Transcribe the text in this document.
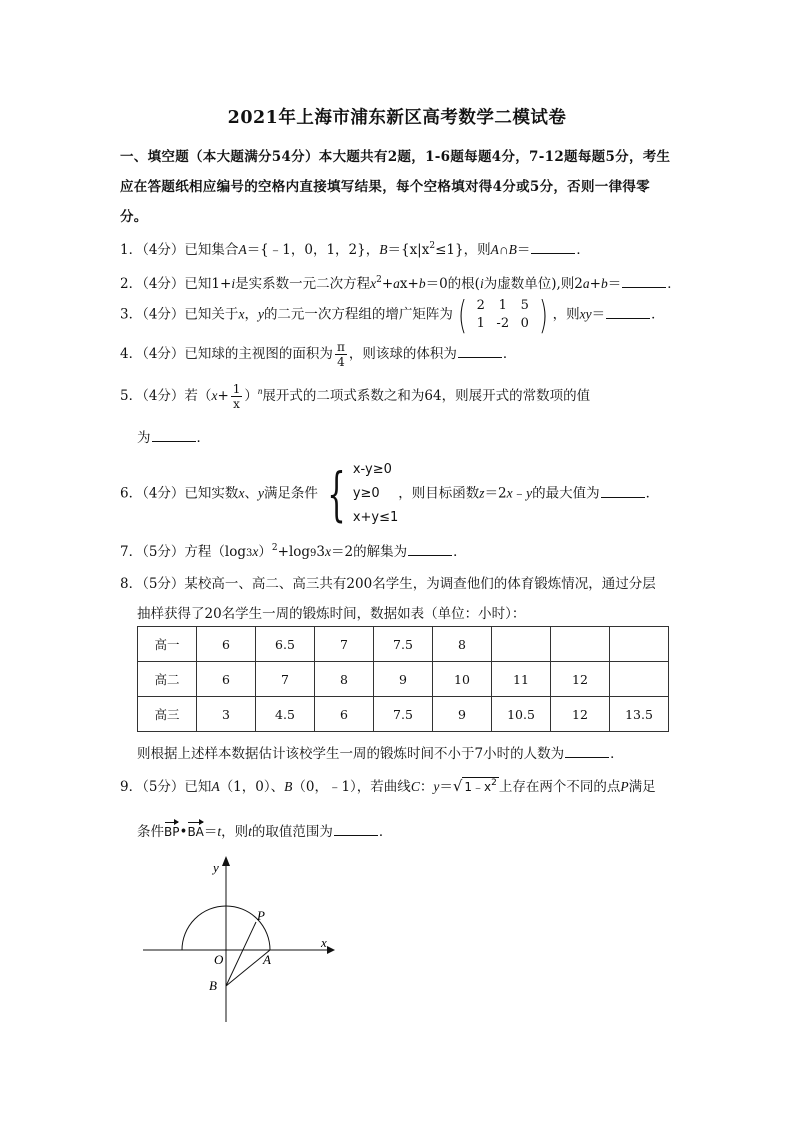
2021年上海市浦东新区高考数学二模试卷
一、填空题（本大题满分54分）本大题共有2题，1-6题每题4分，7-12题每题5分，考生应在答题纸相应编号的空格内直接填写结果，每个空格填对得4分或5分，否则一律得零分。
1．（4分）已知集合A＝{﹣1，0，1，2}，$B=\{x|x^2\le 1\}$，则A∩B＝	．
2．（4分）已知1+i是实系数一元二次方程$x^2+ax+b=0$的根(i为虚数单位),则2a+b＝	．
3．（4分）已知关于x，y的二元一次方程组的增广矩阵为 ( 2	1	5
1 -2 0 ) ，则xy＝	．
4．（4分）已知球的主视图的面积为 $\frac{\pi}{4}$ ，则该球的体积为	．
5．（4分）若$(x+ \frac{1}{x} )^n$展开式的二项式系数之和为64，则展开式的常数项的值
为	．
6．（4分）已知实数x、y满足条件 { x-y≥0
y≥0
x+y≤1
，则目标函数z＝2x﹣y的最大值为	．
7．（5分）方程$(\log 3x)^2+\log 93x=2$的解集为	．
8．（5分）某校高一、高二、高三共有200名学生，为调查他们的体育锻炼情况，通过分层
抽样获得了20名学生一周的锻炼时间，数据如表（单位：小时）：
高一	6	6.5	7	7.5	8			
高二	6	7	8	9	10	11	12	
高三	3	4.5	6	7.5	9	10.5	12	13.5
则根据上述样本数据估计该校学生一周的锻炼时间不小于7小时的人数为	．
9．（5分）已知A（1，0）、B（0，﹣1），若曲线C：y＝√ $1﹣x^2$ 上存在两个不同的点P满足
条件BP•BA＝t，则t的取值范围为	．
y
x
O	A
B
P
